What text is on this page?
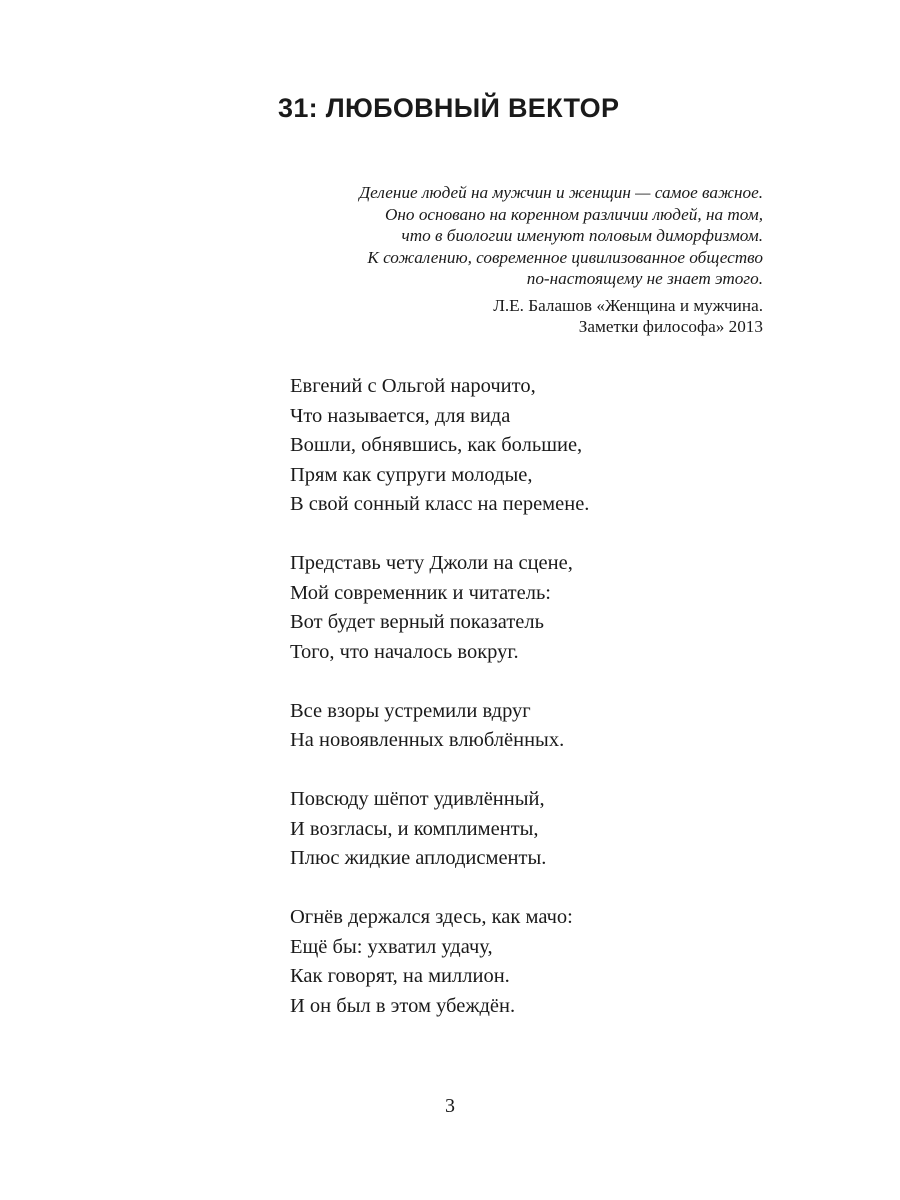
31: ЛЮБОВНЫЙ ВЕКТОР
Деление людей на мужчин и женщин — самое важное.
Оно основано на коренном различии людей, на том,
что в биологии именуют половым диморфизмом.
К сожалению, современное цивилизованное общество
по-настоящему не знает этого.
Л.Е. Балашов «Женщина и мужчина.
Заметки философа» 2013
Евгений с Ольгой нарочито,
Что называется, для вида
Вошли, обнявшись, как большие,
Прям как супруги молодые,
В свой сонный класс на перемене.
Представь чету Джоли на сцене,
Мой современник и читатель:
Вот будет верный показатель
Того, что началось вокруг.
Все взоры устремили вдруг
На новоявленных влюблённых.
Повсюду шёпот удивлённый,
И возгласы, и комплименты,
Плюс жидкие аплодисменты.
Огнёв держался здесь, как мачо:
Ещё бы: ухватил удачу,
Как говорят, на миллион.
И он был в этом убеждён.
3
